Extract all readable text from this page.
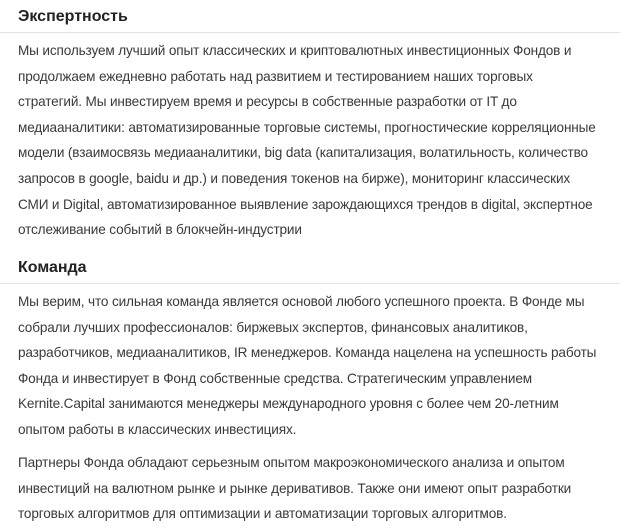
Экспертность

Мы используем лучший опыт классических и криптовалютных инвестиционных Фондов и
продолжаем ежедневно работать над развитием и тестированием наших торговых
стратегий. Мы инвестируем время и ресурсы в собственные разработки от IT до
медиааналитики: автоматизированные торговые системы, прогностические корреляционные
модели (взаимосвязь медиааналитики, big data (капитализация, волатильность, количество
запросов в google, baidu и др.) и поведения токенов на бирже), мониторинг классических
СМИ и Digital, автоматизированное выявление зарождающихся трендов в digital, экспертное
отслеживание событий в блокчейн-индустрии

Команда

Мы верим, что сильная команда является основой любого успешного проекта. В Фонде мы
собрали лучших профессионалов: биржевых экспертов, финансовых аналитиков,
разработчиков, медиааналитиков, IR менеджеров. Команда нацелена на успешность работы
Фонда и инвестирует в Фонд собственные средства. Стратегическим управлением
Kernite.Capital занимаются менеджеры международного уровня с более чем 20-летним
опытом работы в классических инвестициях.

Партнеры Фонда обладают серьезным опытом макроэкономического анализа и опытом
инвестиций на валютном рынке и рынке деривативов. Также они имеют опыт разработки
торговых алгоритмов для оптимизации и автоматизации торговых алгоритмов.
